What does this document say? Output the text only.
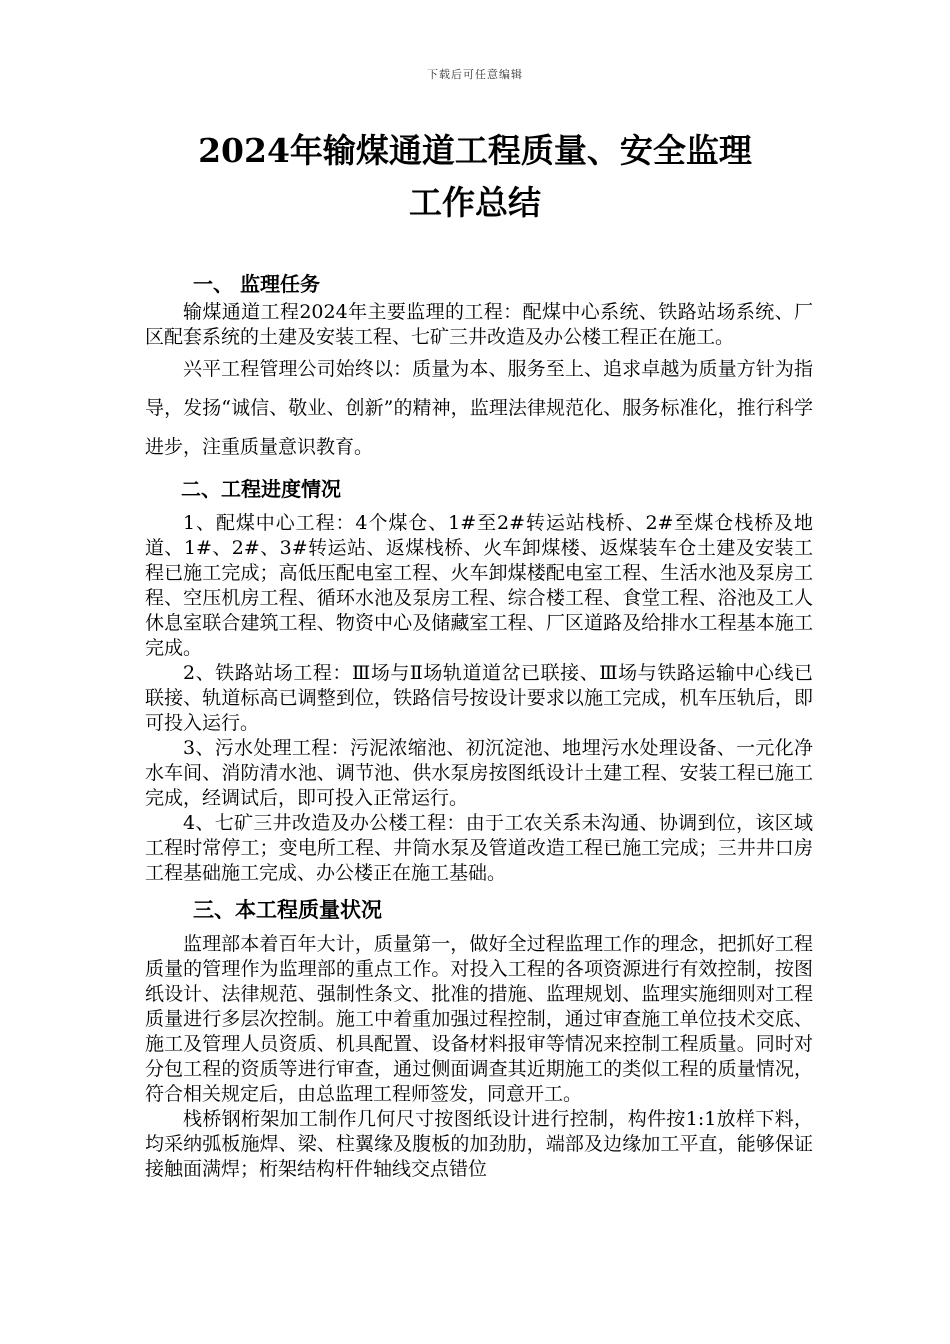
下载后可任意编辑
2024年输煤通道工程质量、安全监理
工作总结
一、 监理任务

输煤通道工程2024年主要监理的工程：配煤中心系统、铁路站场系统、厂区配套系统的土建及安装工程、七矿三井改造及办公楼工程正在施工。

兴平工程管理公司始终以：质量为本、服务至上、追求卓越为质量方针为指导，发扬“诚信、敬业、创新”的精神，监理法律规范化、服务标准化，推行科学进步，注重质量意识教育。

二、工程进度情况

1、配煤中心工程：4个煤仓、1#至2#转运站栈桥、2#至煤仓栈桥及地道、1#、2#、3#转运站、返煤栈桥、火车卸煤楼、返煤装车仓土建及安装工程已施工完成；高低压配电室工程、火车卸煤楼配电室工程、生活水池及泵房工程、空压机房工程、循环水池及泵房工程、综合楼工程、食堂工程、浴池及工人休息室联合建筑工程、物资中心及储藏室工程、厂区道路及给排水工程基本施工完成。

2、铁路站场工程：Ⅲ场与Ⅱ场轨道道岔已联接、Ⅲ场与铁路运输中心线已联接、轨道标高已调整到位，铁路信号按设计要求以施工完成，机车压轨后，即可投入运行。

3、污水处理工程：污泥浓缩池、初沉淀池、地埋污水处理设备、一元化净水车间、消防清水池、调节池、供水泵房按图纸设计土建工程、安装工程已施工完成，经调试后，即可投入正常运行。

4、七矿三井改造及办公楼工程：由于工农关系未沟通、协调到位，该区域工程时常停工；变电所工程、井筒水泵及管道改造工程已施工完成；三井井口房工程基础施工完成、办公楼正在施工基础。

三、本工程质量状况

监理部本着百年大计，质量第一，做好全过程监理工作的理念，把抓好工程质量的管理作为监理部的重点工作。对投入工程的各项资源进行有效控制，按图纸设计、法律规范、强制性条文、批准的措施、监理规划、监理实施细则对工程质量进行多层次控制。施工中着重加强过程控制，通过审查施工单位技术交底、施工及管理人员资质、机具配置、设备材料报审等情况来控制工程质量。同时对分包工程的资质等进行审查，通过侧面调查其近期施工的类似工程的质量情况，符合相关规定后，由总监理工程师签发，同意开工。

栈桥钢桁架加工制作几何尺寸按图纸设计进行控制，构件按1:1放样下料，均采纳弧板施焊、梁、柱翼缘及腹板的加劲肋，端部及边缘加工平直，能够保证接触面满焊；桁架结构杆件轴线交点错位
